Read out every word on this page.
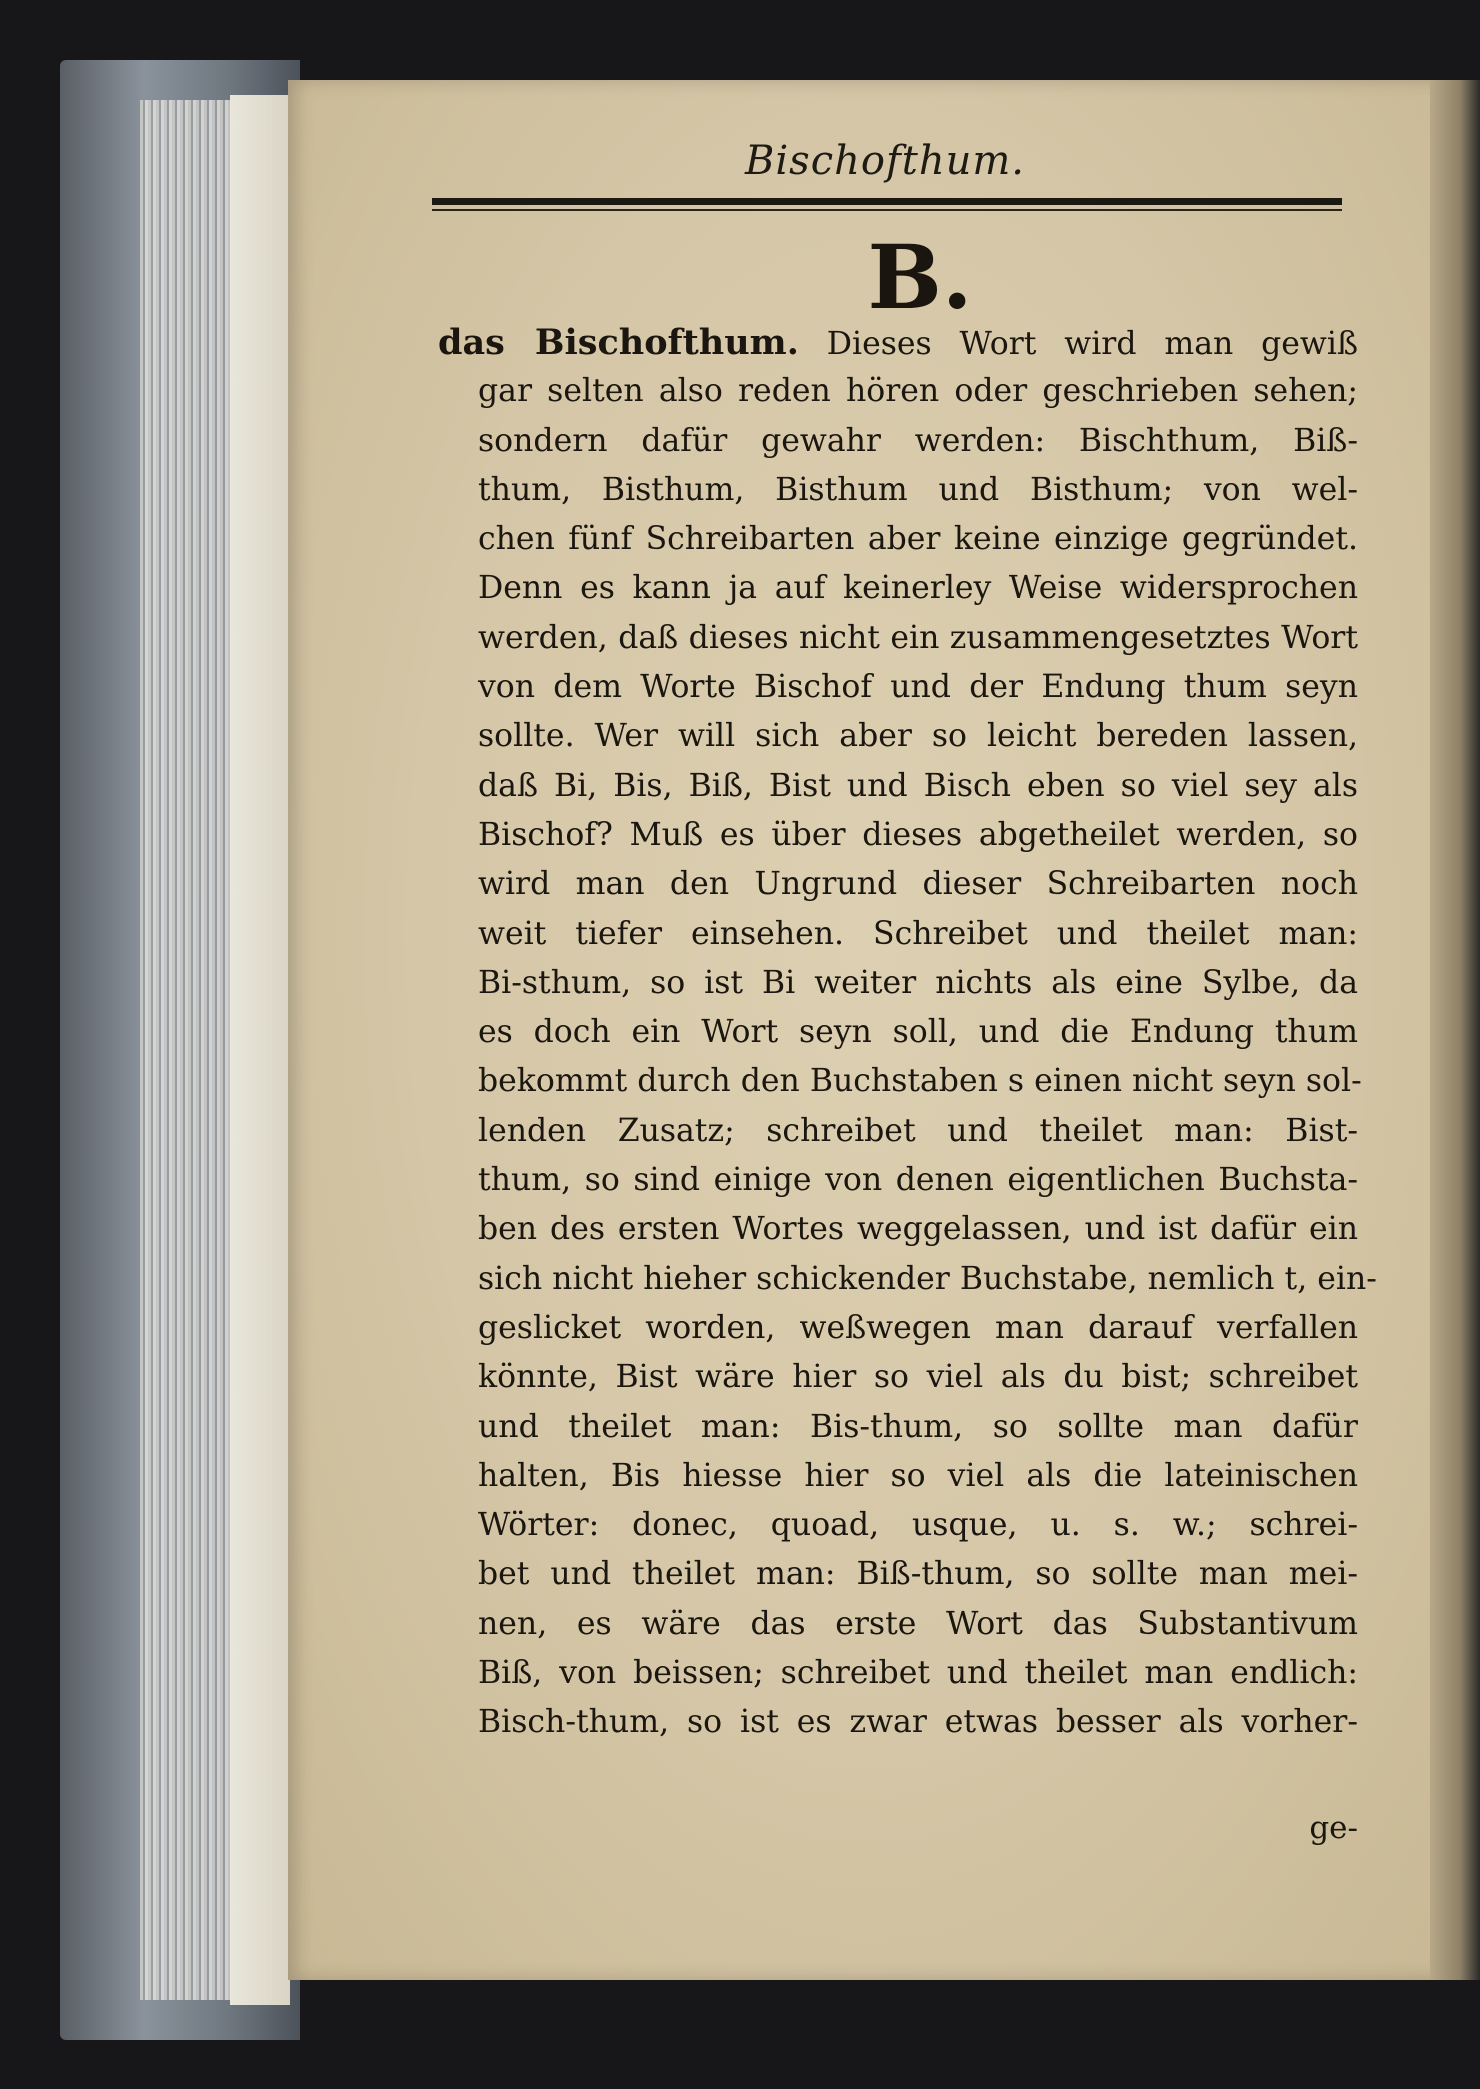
Bischofthum.
B.
das Bischofthum. Dieses Wort wird man gewiß
gar selten also reden hören oder geschrieben sehen;
sondern dafür gewahr werden: Bischthum, Biß-
thum, Bisthum, Bisthum und Bisthum; von wel-
chen fünf Schreibarten aber keine einzige gegründet.
Denn es kann ja auf keinerley Weise widersprochen
werden, daß dieses nicht ein zusammengesetztes Wort
von dem Worte Bischof und der Endung thum seyn
sollte. Wer will sich aber so leicht bereden lassen,
daß Bi, Bis, Biß, Bist und Bisch eben so viel sey als
Bischof? Muß es über dieses abgetheilet werden, so
wird man den Ungrund dieser Schreibarten noch
weit tiefer einsehen. Schreibet und theilet man:
Bi-sthum, so ist Bi weiter nichts als eine Sylbe, da
es doch ein Wort seyn soll, und die Endung thum
bekommt durch den Buchstaben s einen nicht seyn sol-
lenden Zusatz; schreibet und theilet man: Bist-
thum, so sind einige von denen eigentlichen Buchsta-
ben des ersten Wortes weggelassen, und ist dafür ein
sich nicht hieher schickender Buchstabe, nemlich t, ein-
geslicket worden, weßwegen man darauf verfallen
könnte, Bist wäre hier so viel als du bist; schreibet
und theilet man: Bis-thum, so sollte man dafür
halten, Bis hiesse hier so viel als die lateinischen
Wörter: donec, quoad, usque, u. s. w.; schrei-
bet und theilet man: Biß-thum, so sollte man mei-
nen, es wäre das erste Wort das Substantivum
Biß, von beissen; schreibet und theilet man endlich:
Bisch-thum, so ist es zwar etwas besser als vorher-
ge-
